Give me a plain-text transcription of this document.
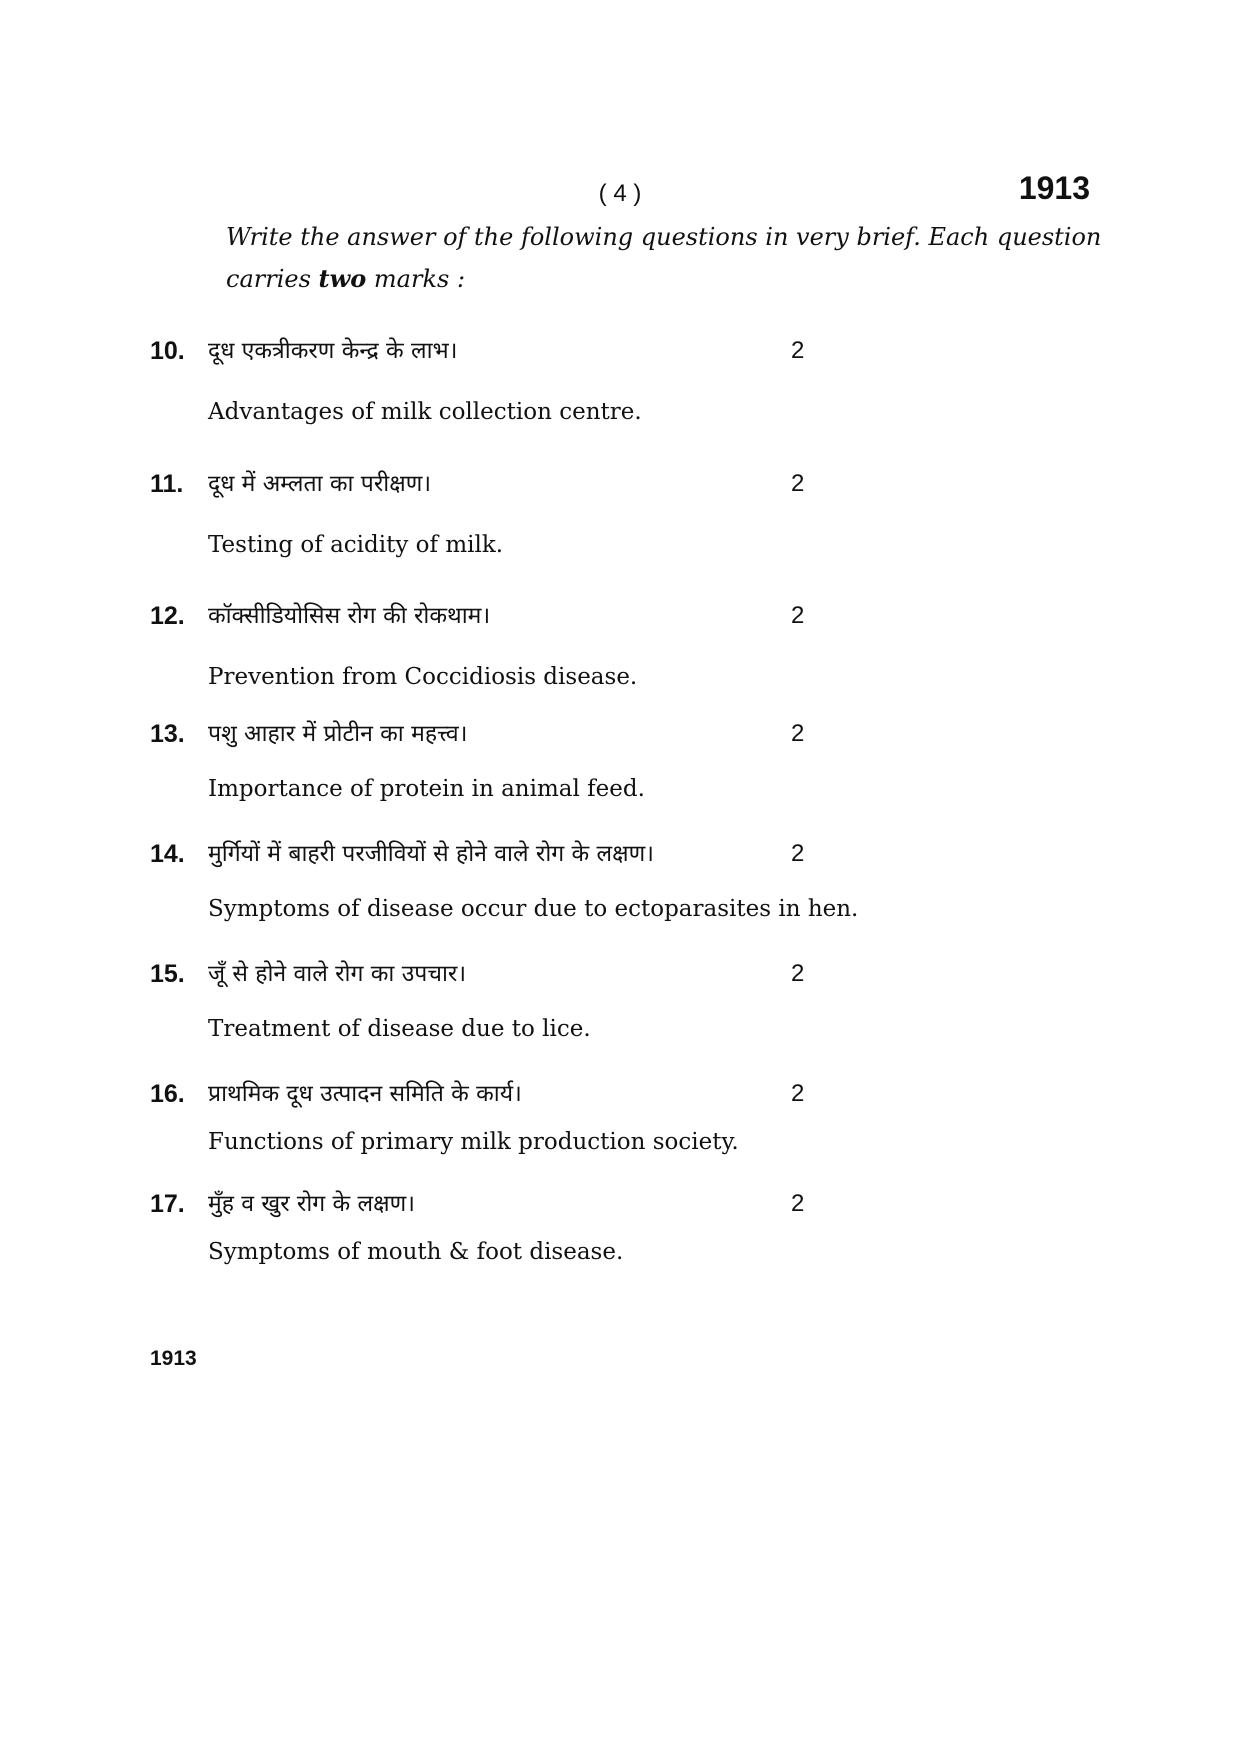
( 4 )	1913
Write the answer of the following questions in very brief. Each question carries two marks :
10. दूध एकत्रीकरण केन्द्र के लाभ।	2
Advantages of milk collection centre.
11. दूध में अम्लता का परीक्षण।	2
Testing of acidity of milk.
12. कॉक्सीडियोसिस रोग की रोकथाम।	2
Prevention from Coccidiosis disease.
13. पशु आहार में प्रोटीन का महत्त्व।	2
Importance of protein in animal feed.
14. मुर्गियों में बाहरी परजीवियों से होने वाले रोग के लक्षण।	2
Symptoms of disease occur due to ectoparasites in hen.
15. जूँ से होने वाले रोग का उपचार।	2
Treatment of disease due to lice.
16. प्राथमिक दूध उत्पादन समिति के कार्य।	2
Functions of primary milk production society.
17. मुँह व खुर रोग के लक्षण।	2
Symptoms of mouth & foot disease.
1913
